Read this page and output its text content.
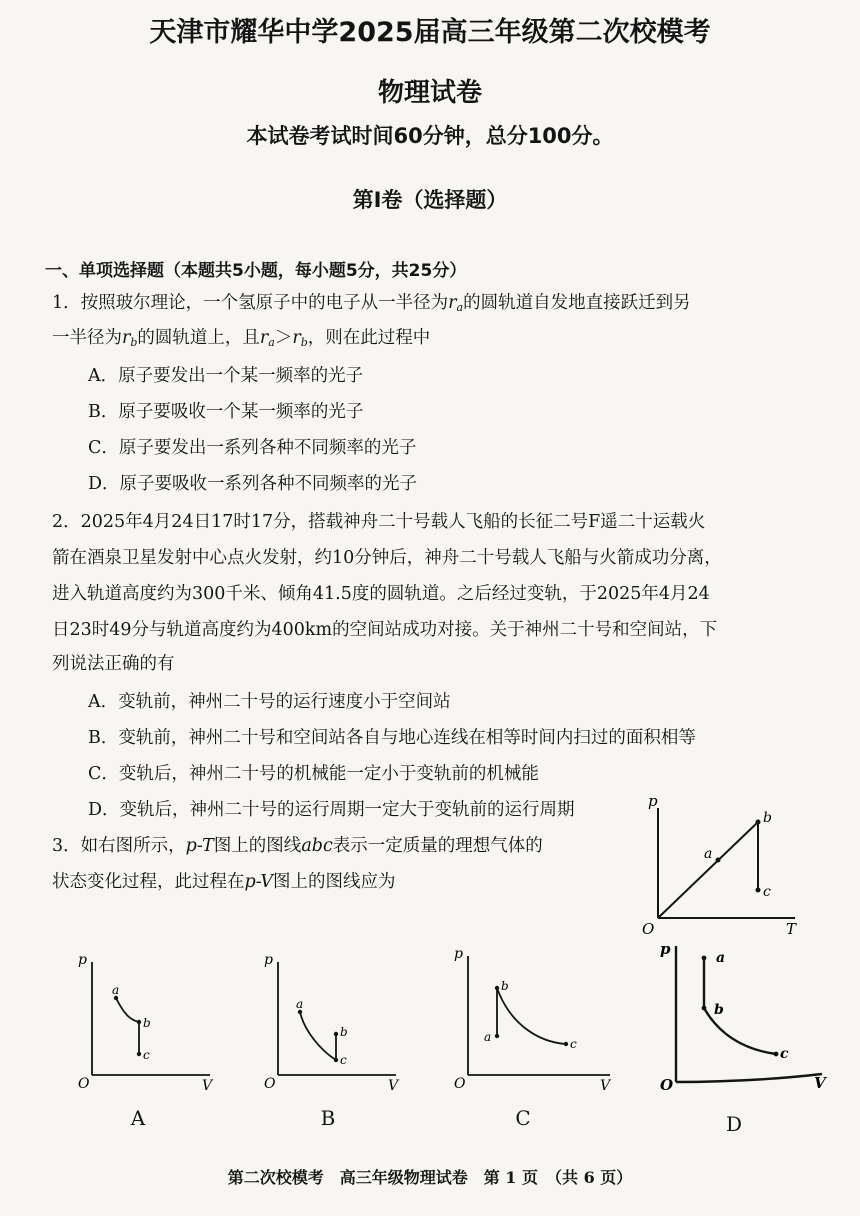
天津市耀华中学2025届高三年级第二次校模考
物理试卷
本试卷考试时间60分钟，总分100分。
第Ⅰ卷（选择题）
一、单项选择题（本题共5小题，每小题5分，共25分）
1．按照玻尔理论，一个氢原子中的电子从一半径为$r_a$的圆轨道自发地直接跃迁到另
一半径为$r_b$的圆轨道上，且$r_a>r_b$，则在此过程中
A．原子要发出一个某一频率的光子
B．原子要吸收一个某一频率的光子
C．原子要发出一系列各种不同频率的光子
D．原子要吸收一系列各种不同频率的光子
2．2025年4月24日17时17分，搭载神舟二十号载人飞船的长征二号F遥二十运载火
箭在酒泉卫星发射中心点火发射，约10分钟后，神舟二十号载人飞船与火箭成功分离，
进入轨道高度约为300千米、倾角41.5度的圆轨道。之后经过变轨，于2025年4月24
日23时49分与轨道高度约为400km的空间站成功对接。关于神州二十号和空间站，下
列说法正确的有
A．变轨前，神州二十号的运行速度小于空间站
B．变轨前，神州二十号和空间站各自与地心连线在相等时间内扫过的面积相等
C．变轨后，神州二十号的机械能一定小于变轨前的机械能
D．变轨后，神州二十号的运行周期一定大于变轨前的运行周期
3．如右图所示，p-T图上的图线abc表示一定质量的理想气体的
状态变化过程，此过程在p-V图上的图线应为
p
T
O
a
b
c
p
V
O
a
b
c
A
p
V
O
a
b
c
B
p
V
O
a
b
c
C
p
V
O
a
b
c
D
第二次校模考　高三年级物理试卷　第 1 页　（共 6 页）
